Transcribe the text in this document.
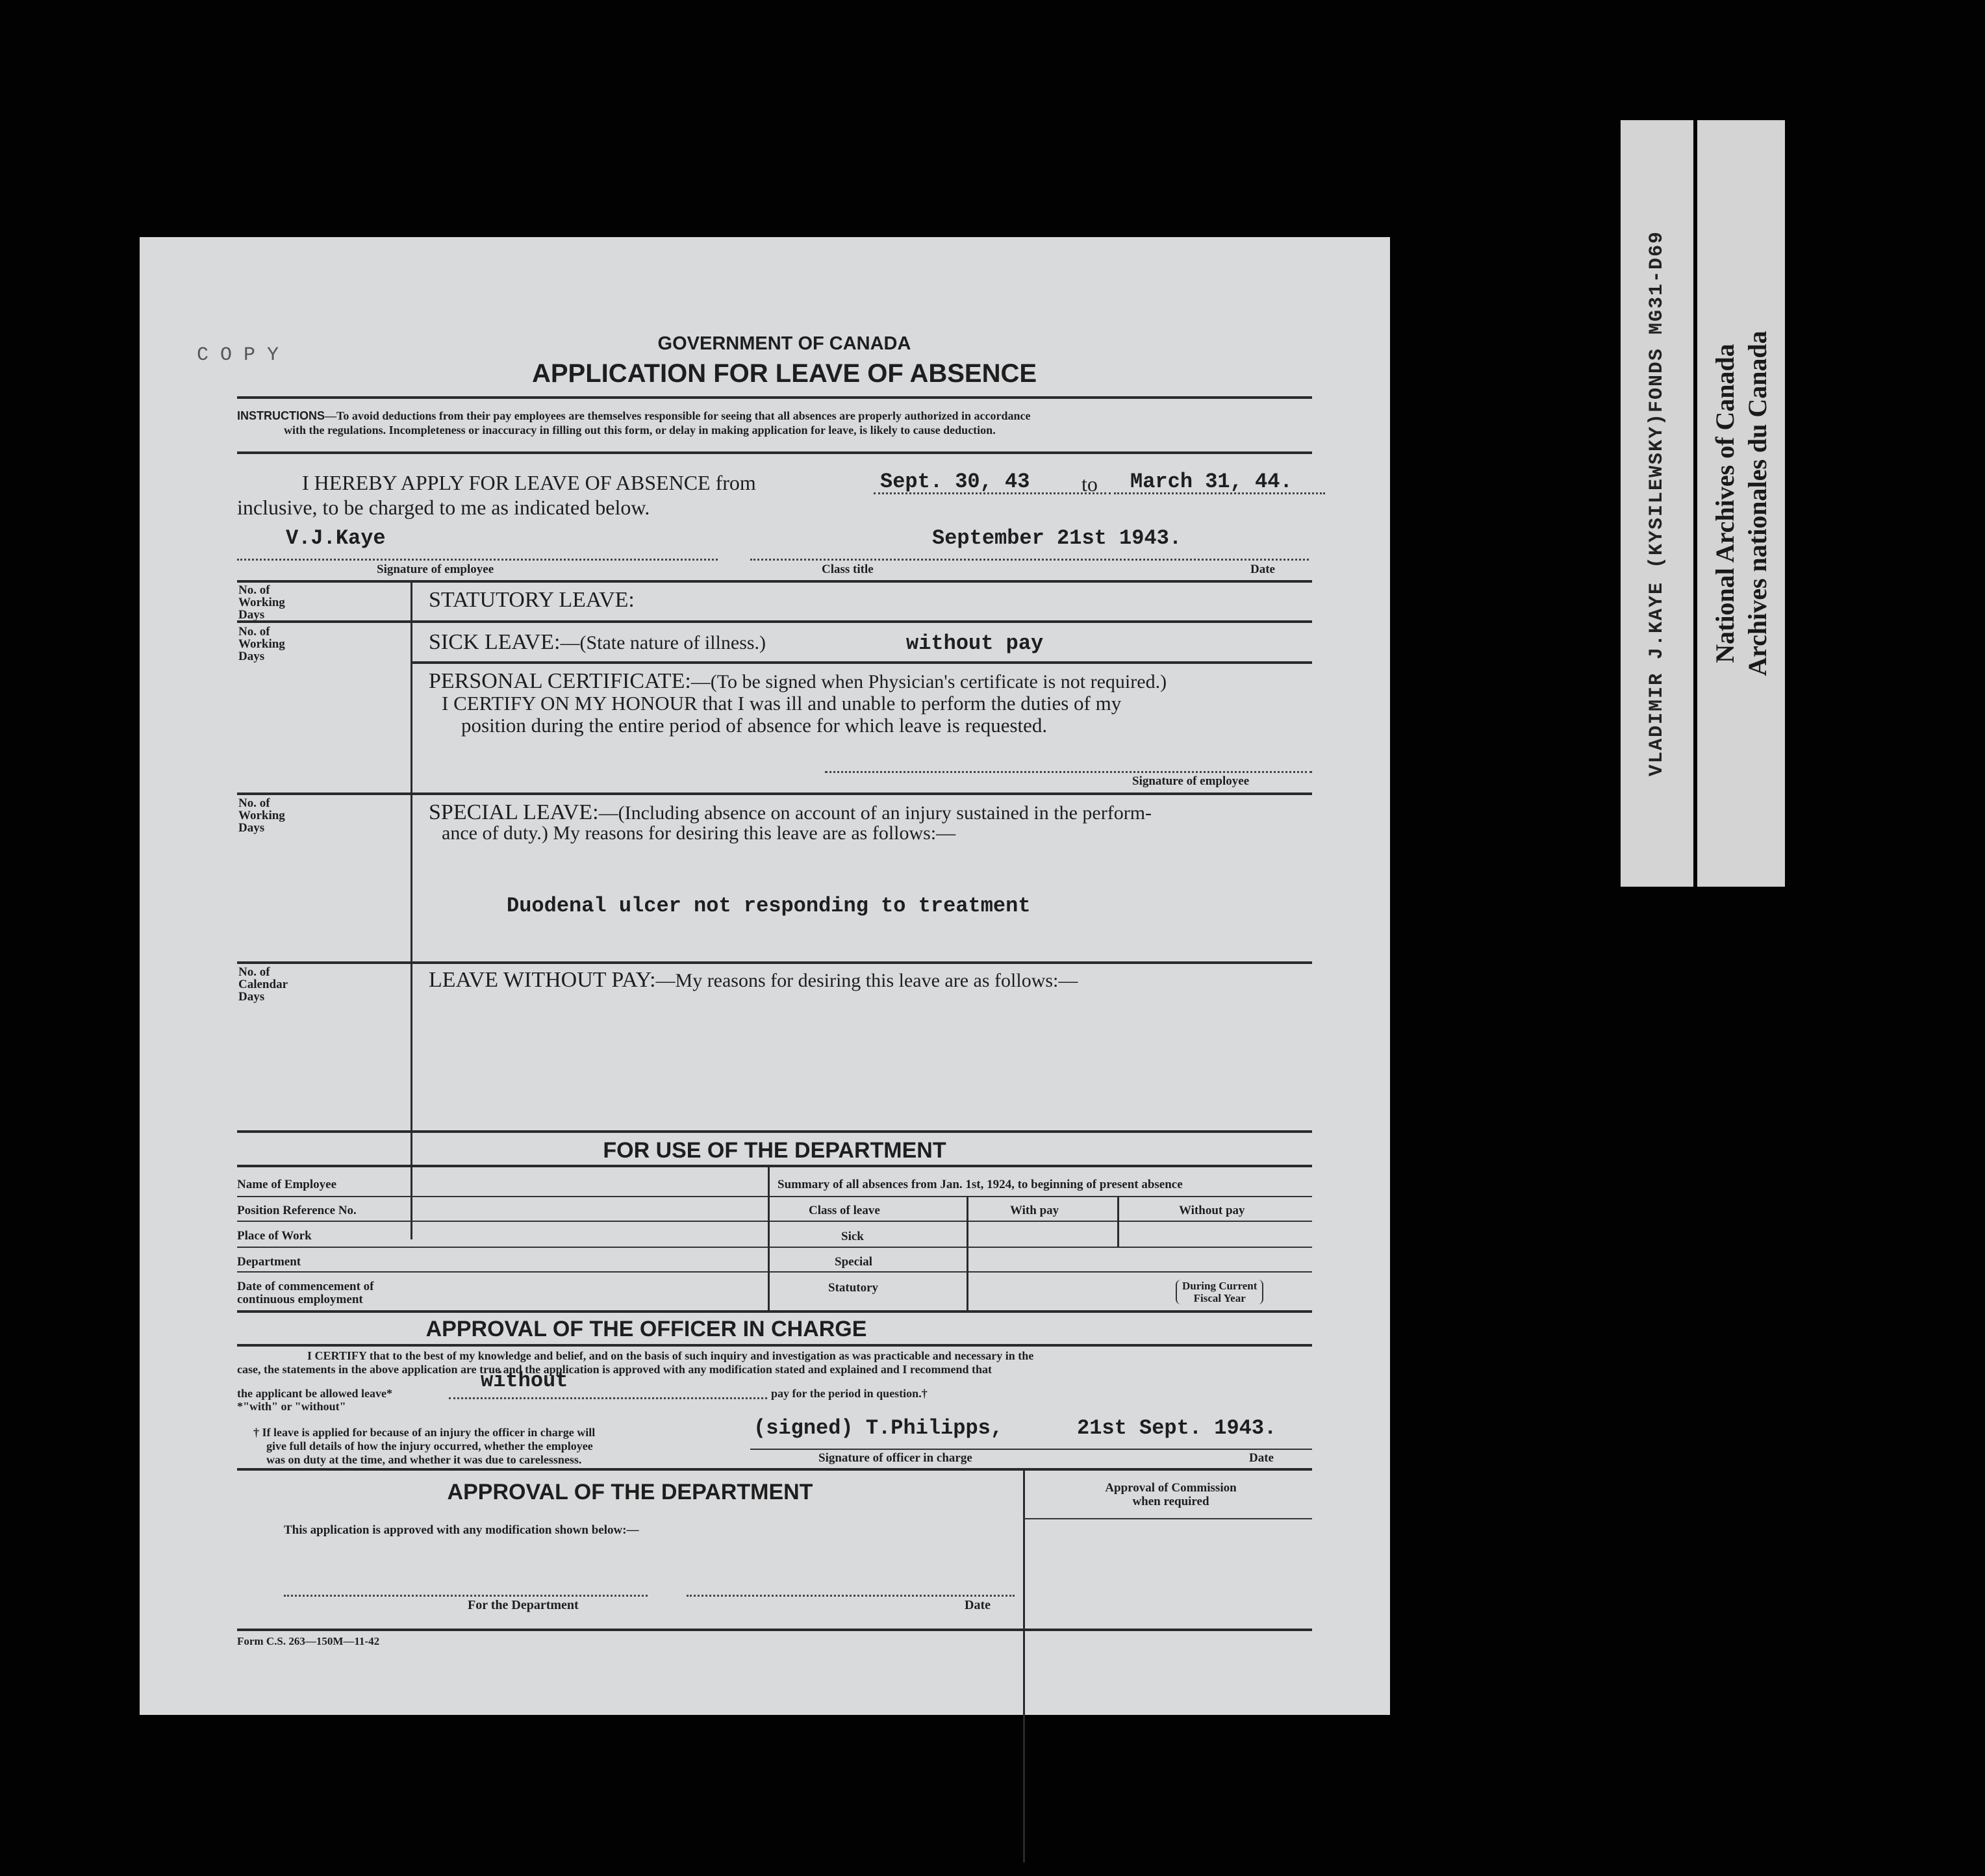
VLADIMIR J.KAYE (KYSILEWSKY)FONDS MG31-D69 National Archives of Canada Archives nationales du Canada
C O P Y
GOVERNMENT OF CANADA
APPLICATION FOR LEAVE OF ABSENCE
INSTRUCTIONS—To avoid deductions from their pay employees are themselves responsible for seeing that all absences are properly authorized in accordance
with the regulations. Incompleteness or inaccuracy in filling out this form, or delay in making application for leave, is likely to cause deduction.
I HEREBY APPLY FOR LEAVE OF ABSENCE from	Sept. 30, 43 to March 31, 44.
inclusive, to be charged to me as indicated below.
V.J.Kaye	September 21st 1943.
Signature of employee	Class title	Date
No. of
Working
Days
STATUTORY LEAVE:
No. of
Working
Days
SICK LEAVE:—(State nature of illness.)	without pay
PERSONAL CERTIFICATE:—(To be signed when Physician's certificate is not required.)
I CERTIFY ON MY HONOUR that I was ill and unable to perform the duties of my
position during the entire period of absence for which leave is requested.
Signature of employee
No. of
Working
Days
SPECIAL LEAVE:—(Including absence on account of an injury sustained in the perform-
ance of duty.) My reasons for desiring this leave are as follows:—
Duodenal ulcer not responding to treatment
No. of
Calendar
Days
LEAVE WITHOUT PAY:—My reasons for desiring this leave are as follows:—
FOR USE OF THE DEPARTMENT
Name of Employee
Position Reference No.
Place of Work
Department
Date of commencement of
continuous employment
Summary of all absences from Jan. 1st, 1924, to beginning of present absence
Class of leave	With pay	Without pay
Sick
Special
Statutory	During Current
Fiscal Year
APPROVAL OF THE OFFICER IN CHARGE
I CERTIFY that to the best of my knowledge and belief, and on the basis of such inquiry and investigation as was practicable and necessary in the
case, the statements in the above application are true and the application is approved with any modification stated and explained and I recommend that
the applicant be allowed leave*
without
pay for the period in question.†
*"with" or "without"
† If leave is applied for because of an injury the officer in charge will
give full details of how the injury occurred, whether the employee
was on duty at the time, and whether it was due to carelessness.
(signed) T.Philipps,	21st Sept. 1943.
Signature of officer in charge	Date
APPROVAL OF THE DEPARTMENT	Approval of Commission
when required
This application is approved with any modification shown below:—
For the Department	Date
Form C.S. 263—150M—11-42
